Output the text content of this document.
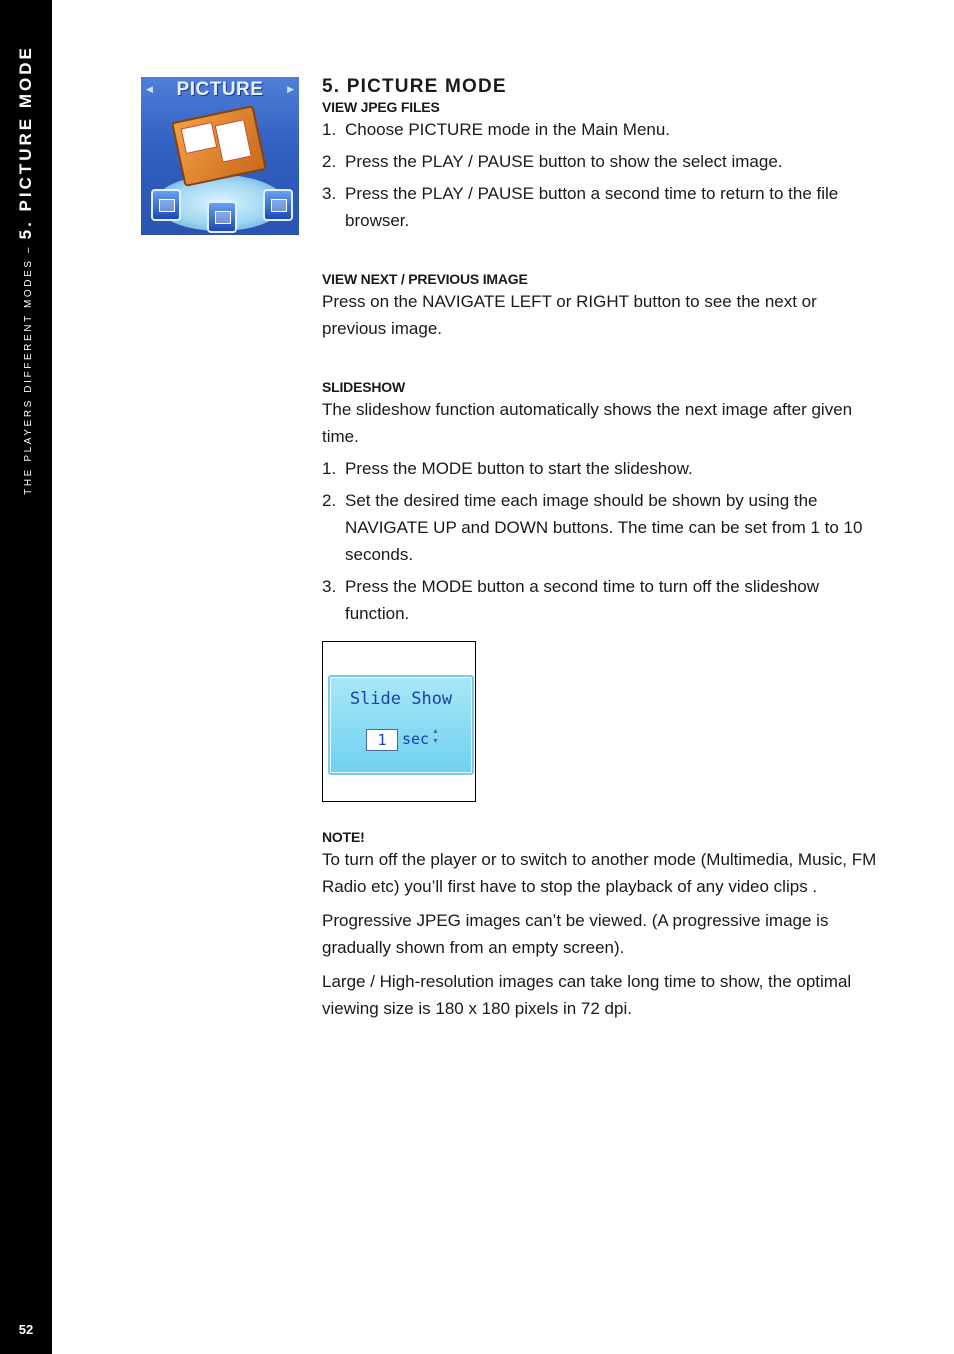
THE PLAYERS DIFFERENT MODES – 5. PICTURE MODE
52
◀	PICTURE	▶ 5. PICTURE MODE
VIEW JPEG FILES
1. Choose PICTURE mode in the Main Menu.
2. Press the PLAY / PAUSE button to show the select image.
3. Press the PLAY / PAUSE button a second time to return to the file browser.
VIEW NEXT / PREVIOUS IMAGE

Press on the NAVIGATE LEFT or RIGHT button to see the next or previous image.

SLIDESHOW

The slideshow function automatically shows the next image after given time.

1. Press the MODE button to start the slideshow.
2. Set the desired time each image should be shown by using the NAVIGATE UP and DOWN buttons. The time can be set from 1 to 10 seconds.
3. Press the MODE button a second time to turn off the slideshow function.
Slide Show
1	sec ▲
▼
NOTE!

To turn off the player or to switch to another mode (Multimedia, Music, FM Radio etc) you’ll first have to stop the playback of any video clips .

Progressive JPEG images can’t be viewed. (A progressive image is gradually shown from an empty screen).

Large / High-resolution images can take long time to show, the optimal viewing size is 180 x 180 pixels in 72 dpi.
